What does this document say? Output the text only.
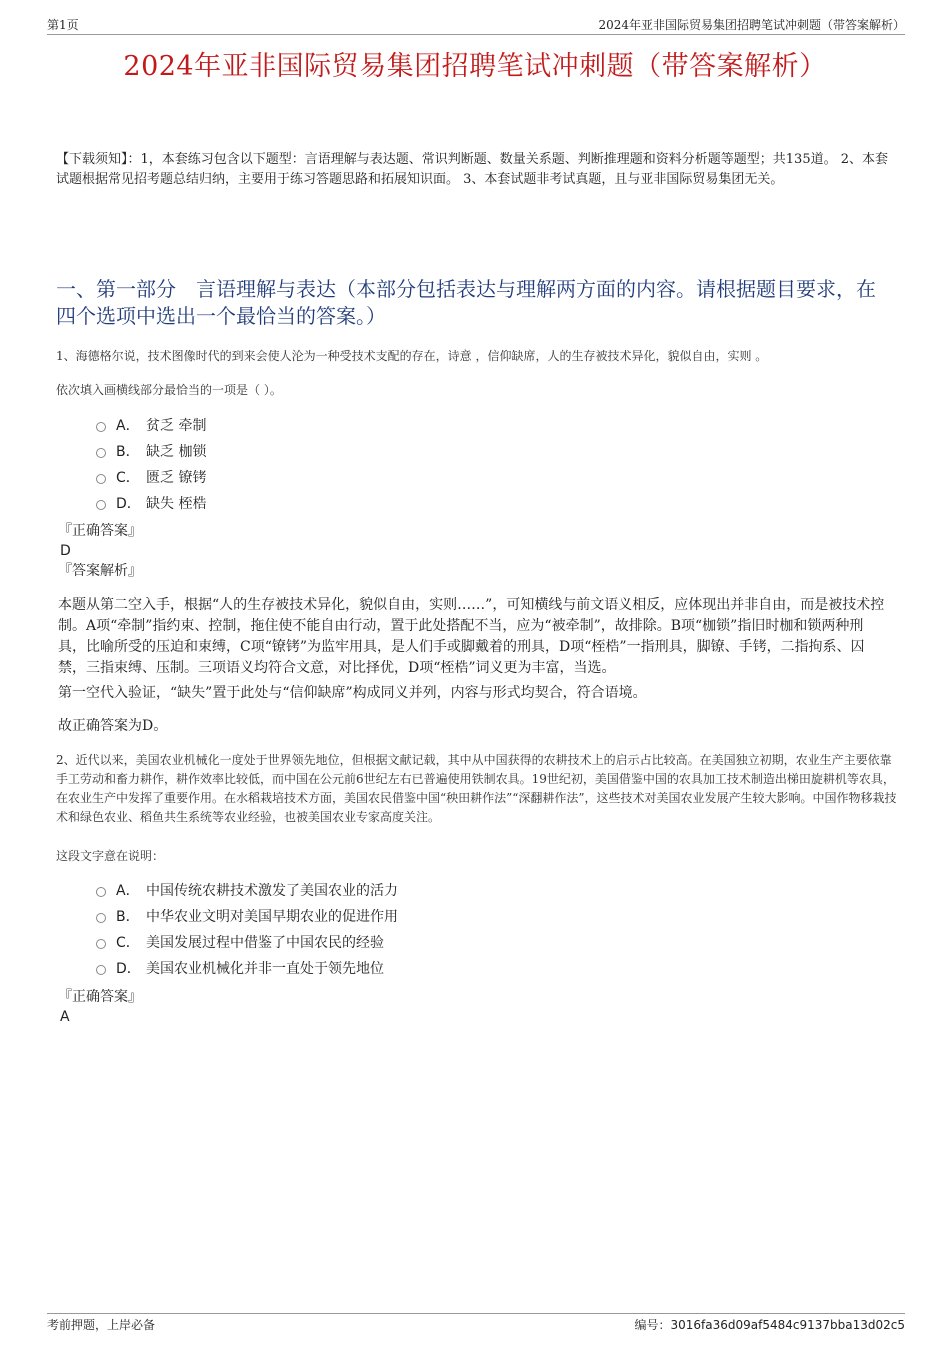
第1页	2024年亚非国际贸易集团招聘笔试冲刺题（带答案解析）
2024年亚非国际贸易集团招聘笔试冲刺题（带答案解析）
【下载须知】：1，本套练习包含以下题型：言语理解与表达题、常识判断题、数量关系题、判断推理题和资料分析题等题型；共135道。 2、本套试题根据常见招考题总结归纳，主要用于练习答题思路和拓展知识面。 3、本套试题非考试真题，且与亚非国际贸易集团无关。
一、第一部分　言语理解与表达（本部分包括表达与理解两方面的内容。请根据题目要求，在四个选项中选出一个最恰当的答案。）
1、海德格尔说，技术图像时代的到来会使人沦为一种受技术支配的存在，诗意 ，信仰缺席，人的生存被技术异化，貌似自由，实则 。
依次填入画横线部分最恰当的一项是（ ）。
A． 贫乏 牵制
B． 缺乏 枷锁
C． 匮乏 镣铐
D． 缺失 桎梏
『正确答案』
D
『答案解析』
本题从第二空入手，根据“人的生存被技术异化，貌似自由，实则……”，可知横线与前文语义相反，应体现出并非自由，而是被技术控制。A项“牵制”指约束、控制，拖住使不能自由行动，置于此处搭配不当，应为“被牵制”，故排除。B项“枷锁”指旧时枷和锁两种刑具，比喻所受的压迫和束缚，C项“镣铐”为监牢用具，是人们手或脚戴着的刑具，D项“桎梏”一指刑具，脚镣、手铐，二指拘系、囚禁，三指束缚、压制。三项语义均符合文意，对比择优，D项“桎梏”词义更为丰富，当选。
第一空代入验证，“缺失”置于此处与“信仰缺席”构成同义并列，内容与形式均契合，符合语境。
故正确答案为D。
2、近代以来，美国农业机械化一度处于世界领先地位，但根据文献记载，其中从中国获得的农耕技术上的启示占比较高。在美国独立初期，农业生产主要依靠手工劳动和畜力耕作，耕作效率比较低，而中国在公元前6世纪左右已普遍使用铁制农具。19世纪初，美国借鉴中国的农具加工技术制造出梯田旋耕机等农具，在农业生产中发挥了重要作用。在水稻栽培技术方面，美国农民借鉴中国“秧田耕作法”“深翻耕作法”，这些技术对美国农业发展产生较大影响。中国作物移栽技术和绿色农业、稻鱼共生系统等农业经验，也被美国农业专家高度关注。
这段文字意在说明：
A． 中国传统农耕技术激发了美国农业的活力
B． 中华农业文明对美国早期农业的促进作用
C． 美国发展过程中借鉴了中国农民的经验
D． 美国农业机械化并非一直处于领先地位
『正确答案』
A
考前押题，上岸必备	编号：3016fa36d09af5484c9137bba13d02c5
